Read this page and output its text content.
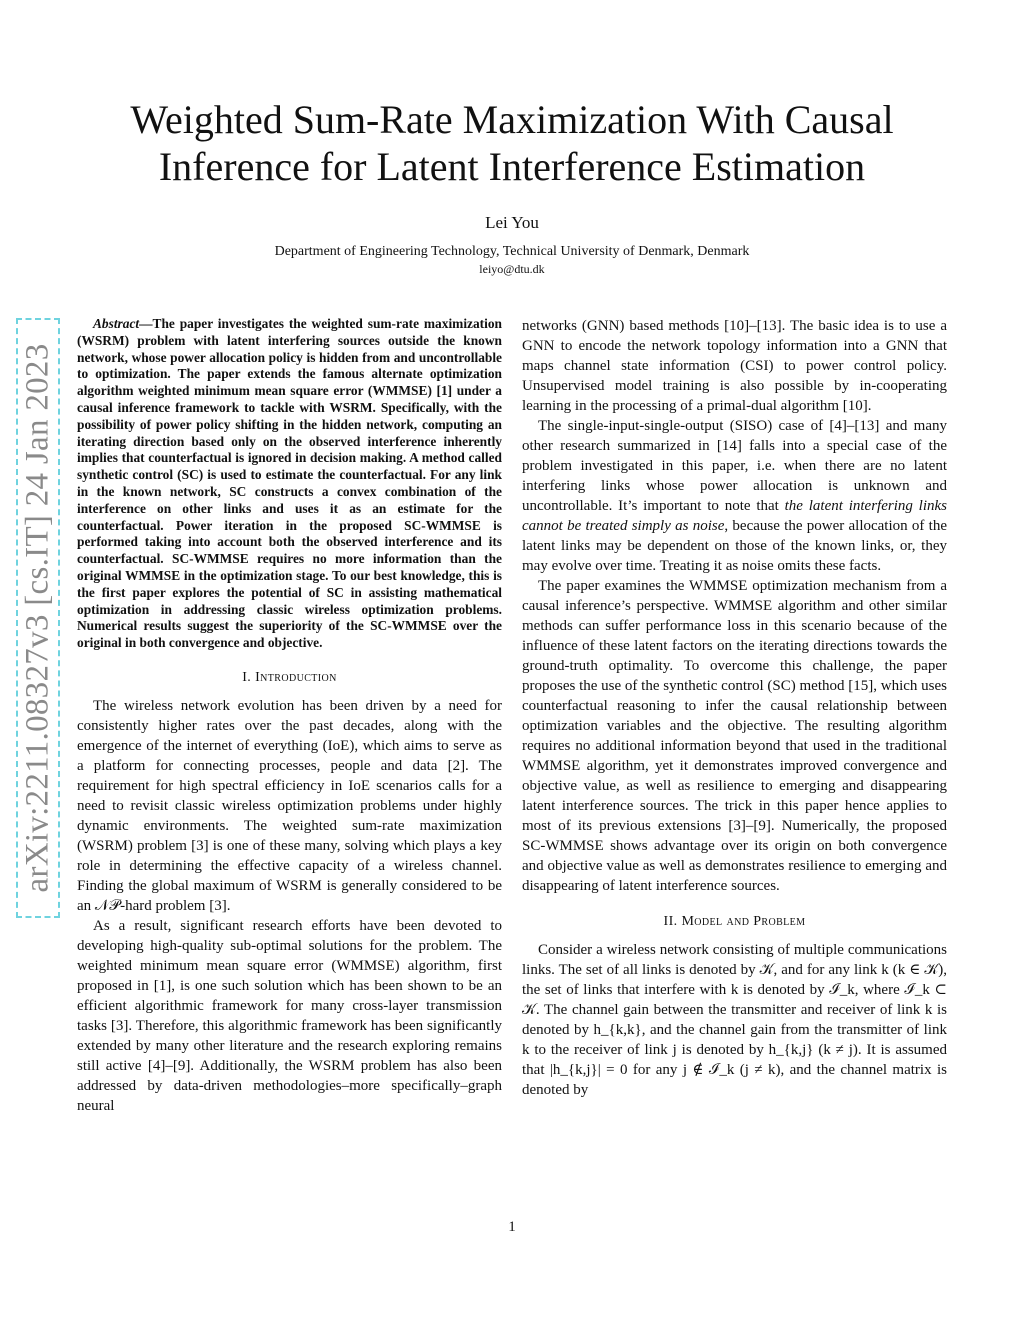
arXiv:2211.08327v3 [cs.IT] 24 Jan 2023
Weighted Sum-Rate Maximization With Causal Inference for Latent Interference Estimation
Lei You
Department of Engineering Technology, Technical University of Denmark, Denmark
leiyo@dtu.dk

Abstract—The paper investigates the weighted sum-rate maximization (WSRM) problem with latent interfering sources outside the known network, whose power allocation policy is hidden from and uncontrollable to optimization. The paper extends the famous alternate optimization algorithm weighted minimum mean square error (WMMSE) [1] under a causal inference framework to tackle with WSRM. Specifically, with the possibility of power policy shifting in the hidden network, computing an iterating direction based only on the observed interference inherently implies that counterfactual is ignored in decision making. A method called synthetic control (SC) is used to estimate the counterfactual. For any link in the known network, SC constructs a convex combination of the interference on other links and uses it as an estimate for the counterfactual. Power iteration in the proposed SC-WMMSE is performed taking into account both the observed interference and its counterfactual. SC-WMMSE requires no more information than the original WMMSE in the optimization stage. To our best knowledge, this is the first paper explores the potential of SC in assisting mathematical optimization in addressing classic wireless optimization problems. Numerical results suggest the superiority of the SC-WMMSE over the original in both convergence and objective.

I. Introduction

The wireless network evolution has been driven by a need for consistently higher rates over the past decades, along with the emergence of the internet of everything (IoE), which aims to serve as a platform for connecting processes, people and data [2]. The requirement for high spectral efficiency in IoE scenarios calls for a need to revisit classic wireless optimization problems under highly dynamic environments. The weighted sum-rate maximization (WSRM) problem [3] is one of these many, solving which plays a key role in determining the effective capacity of a wireless channel. Finding the global maximum of WSRM is generally considered to be an 𝒩𝒫-hard problem [3].

As a result, significant research efforts have been devoted to developing high-quality sub-optimal solutions for the problem. The weighted minimum mean square error (WMMSE) algorithm, first proposed in [1], is one such solution which has been shown to be an efficient algorithmic framework for many cross-layer transmission tasks [3]. Therefore, this algorithmic framework has been significantly extended by many other literature and the research exploring remains still active [4]–[9]. Additionally, the WSRM problem has also been addressed by data-driven methodologies–more specifically–graph neural

networks (GNN) based methods [10]–[13]. The basic idea is to use a GNN to encode the network topology information into a GNN that maps channel state information (CSI) to power control policy. Unsupervised model training is also possible by in-cooperating learning in the processing of a primal-dual algorithm [10].

The single-input-single-output (SISO) case of [4]–[13] and many other research summarized in [14] falls into a special case of the problem investigated in this paper, i.e. when there are no latent interfering links whose power allocation is unknown and uncontrollable. It’s important to note that the latent interfering links cannot be treated simply as noise, because the power allocation of the latent links may be dependent on those of the known links, or, they may evolve over time. Treating it as noise omits these facts.

The paper examines the WMMSE optimization mechanism from a causal inference’s perspective. WMMSE algorithm and other similar methods can suffer performance loss in this scenario because of the influence of these latent factors on the iterating directions towards the ground-truth optimality. To overcome this challenge, the paper proposes the use of the synthetic control (SC) method [15], which uses counterfactual reasoning to infer the causal relationship between optimization variables and the objective. The resulting algorithm requires no additional information beyond that used in the traditional WMMSE algorithm, yet it demonstrates improved convergence and objective value, as well as resilience to emerging and disappearing latent interference sources. The trick in this paper hence applies to most of its previous extensions [3]–[9]. Numerically, the proposed SC-WMMSE shows advantage over its origin on both convergence and objective value as well as demonstrates resilience to emerging and disappearing of latent interference sources.

II. Model and Problem

Consider a wireless network consisting of multiple communications links. The set of all links is denoted by 𝒦, and for any link k (k ∈ 𝒦), the set of links that interfere with k is denoted by ℐ_k, where ℐ_k ⊂ 𝒦. The channel gain between the transmitter and receiver of link k is denoted by h_{k,k}, and the channel gain from the transmitter of link k to the receiver of link j is denoted by h_{k,j} (k ≠ j). It is assumed that |h_{k,j}| = 0 for any j ∉ ℐ_k (j ≠ k), and the channel matrix is denoted by

1
